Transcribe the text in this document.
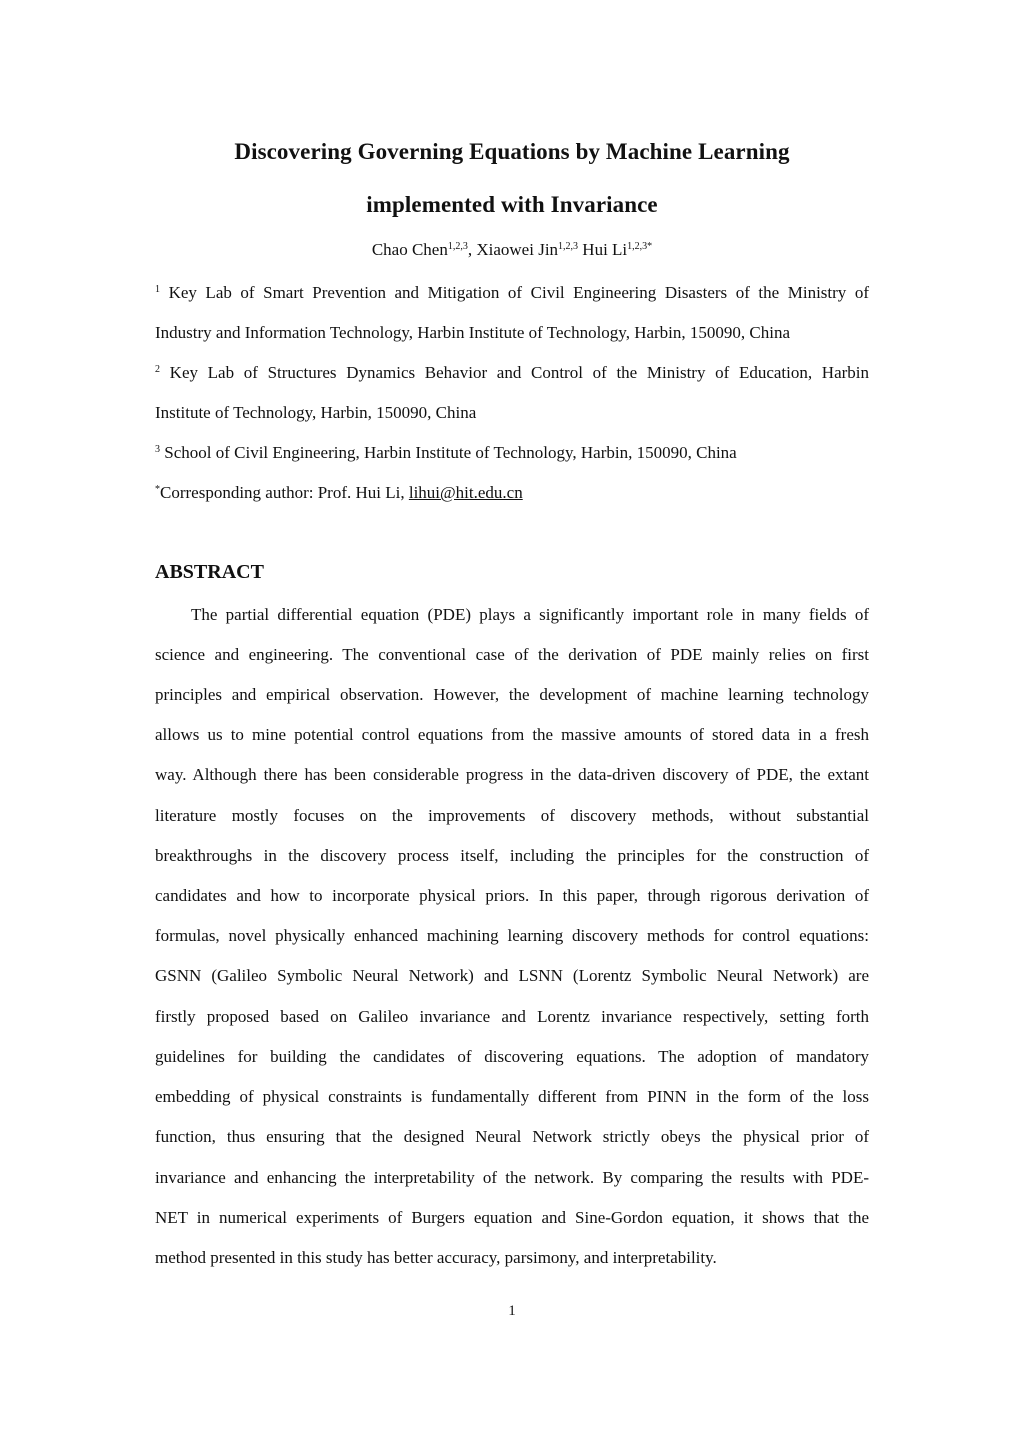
Discovering Governing Equations by Machine Learning
implemented with Invariance
Chao Chen$^{1,2,3}$, Xiaowei Jin$^{1,2,3}$ Hui $Li^{1,2,3*}$
$^1$ Key Lab of Smart Prevention and Mitigation of Civil Engineering Disasters of the Ministry of
Industry and Information Technology, Harbin Institute of Technology, Harbin, 150090, China
$^2$ Key Lab of Structures Dynamics Behavior and Control of the Ministry of Education, Harbin
Institute of Technology, Harbin, 150090, China
$^3$ School of Civil Engineering, Harbin Institute of Technology, Harbin, 150090, China
*Corresponding author: Prof. Hui Li, lihui@hit.edu.cn
ABSTRACT
The partial differential equation (PDE) plays a significantly important role in many fields of
science and engineering. The conventional case of the derivation of PDE mainly relies on first
principles and empirical observation. However, the development of machine learning technology
allows us to mine potential control equations from the massive amounts of stored data in a fresh
way. Although there has been considerable progress in the data-driven discovery of PDE, the extant
literature mostly focuses on the improvements of discovery methods, without substantial
breakthroughs in the discovery process itself, including the principles for the construction of
candidates and how to incorporate physical priors. In this paper, through rigorous derivation of
formulas, novel physically enhanced machining learning discovery methods for control equations:
GSNN (Galileo Symbolic Neural Network) and LSNN (Lorentz Symbolic Neural Network) are
firstly proposed based on Galileo invariance and Lorentz invariance respectively, setting forth
guidelines for building the candidates of discovering equations. The adoption of mandatory
embedding of physical constraints is fundamentally different from PINN in the form of the loss
function, thus ensuring that the designed Neural Network strictly obeys the physical prior of
invariance and enhancing the interpretability of the network. By comparing the results with PDE-
NET in numerical experiments of Burgers equation and Sine-Gordon equation, it shows that the
method presented in this study has better accuracy, parsimony, and interpretability.
1
